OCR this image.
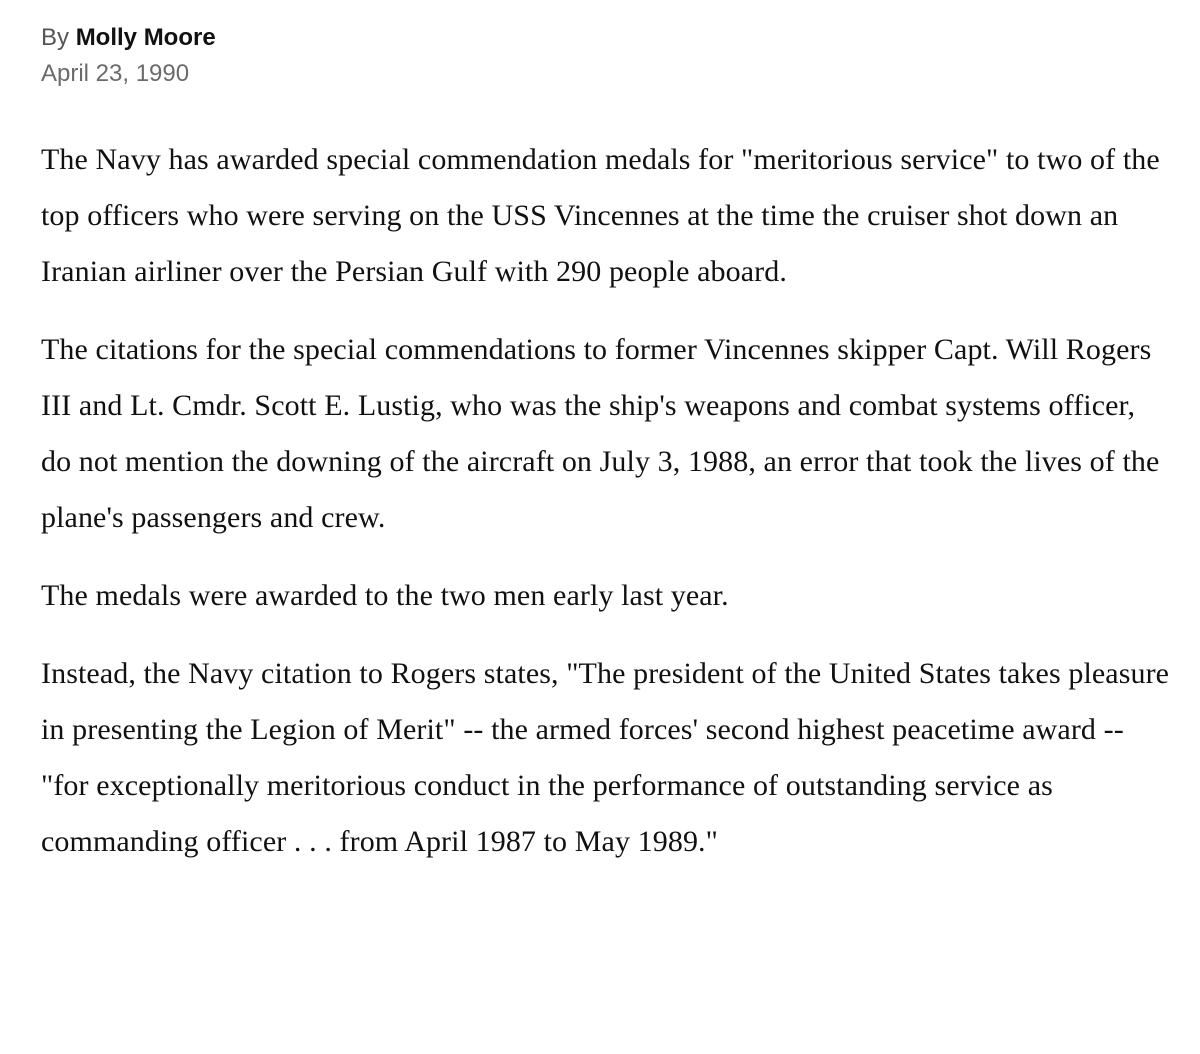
By Molly Moore
April 23, 1990

The Navy has awarded special commendation medals for "meritorious service" to two of the top officers who were serving on the USS Vincennes at the time the cruiser shot down an Iranian airliner over the Persian Gulf with 290 people aboard.

The citations for the special commendations to former Vincennes skipper Capt. Will Rogers III and Lt. Cmdr. Scott E. Lustig, who was the ship's weapons and combat systems officer, do not mention the downing of the aircraft on July 3, 1988, an error that took the lives of the plane's passengers and crew.

The medals were awarded to the two men early last year.

Instead, the Navy citation to Rogers states, "The president of the United States takes pleasure in presenting the Legion of Merit" -- the armed forces' second highest peacetime award -- "for exceptionally meritorious conduct in the performance of outstanding service as commanding officer . . . from April 1987 to May 1989."
